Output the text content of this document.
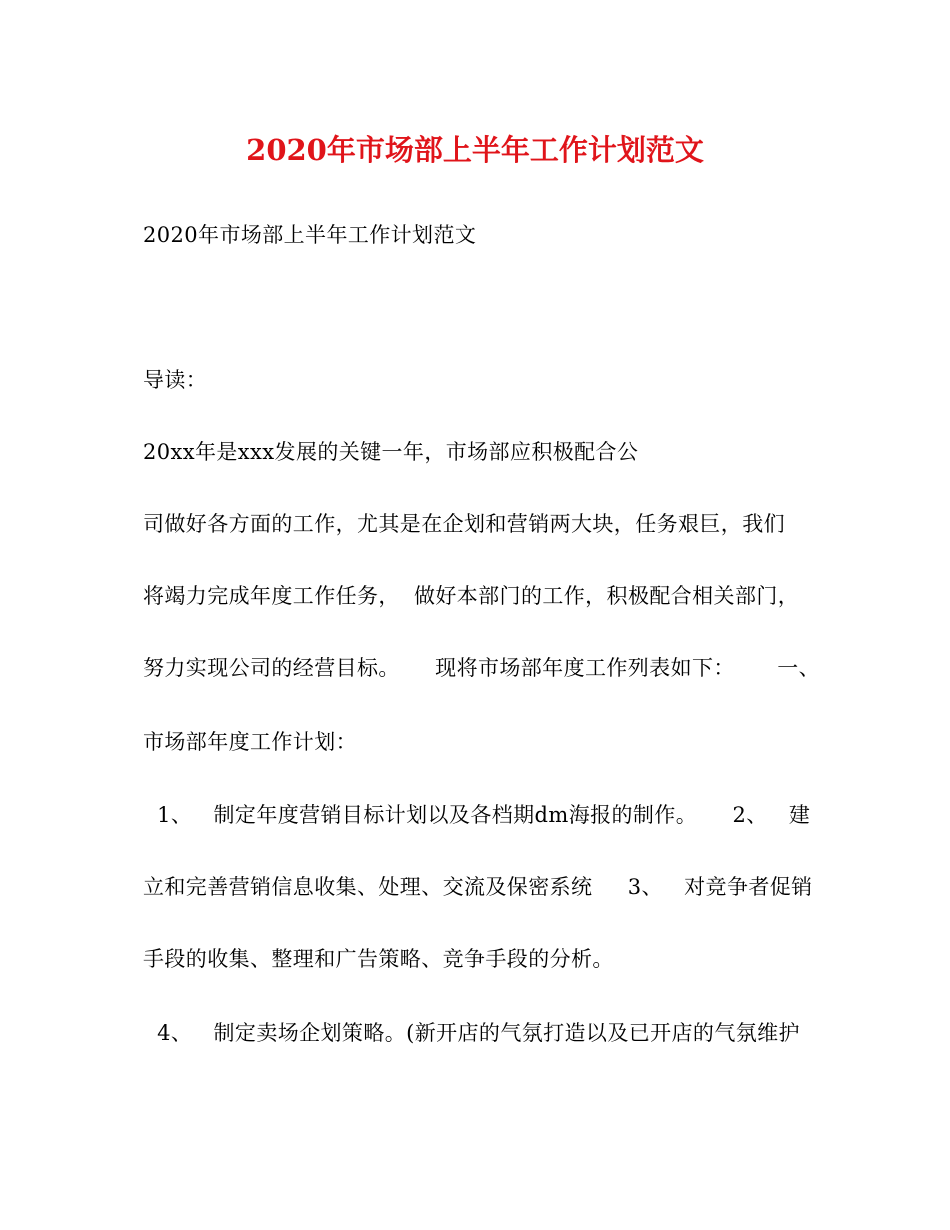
2020年市场部上半年工作计划范文
2020年市场部上半年工作计划范文
导读：
20xx年是xxx发展的关键一年，市场部应积极配合公
司做好各方面的工作，尤其是在企划和营销两大块，任务艰巨，我们
将竭力完成年度工作任务，  做好本部门的工作，积极配合相关部门，
努力实现公司的经营目标。     现将市场部年度工作列表如下：      一、
市场部年度工作计划：
1、   制定年度营销目标计划以及各档期dm海报的制作。     2、   建
立和完善营销信息收集、处理、交流及保密系统     3、   对竞争者促销
手段的收集、整理和广告策略、竞争手段的分析。
4、   制定卖场企划策略。(新开店的气氛打造以及已开店的气氛维护
